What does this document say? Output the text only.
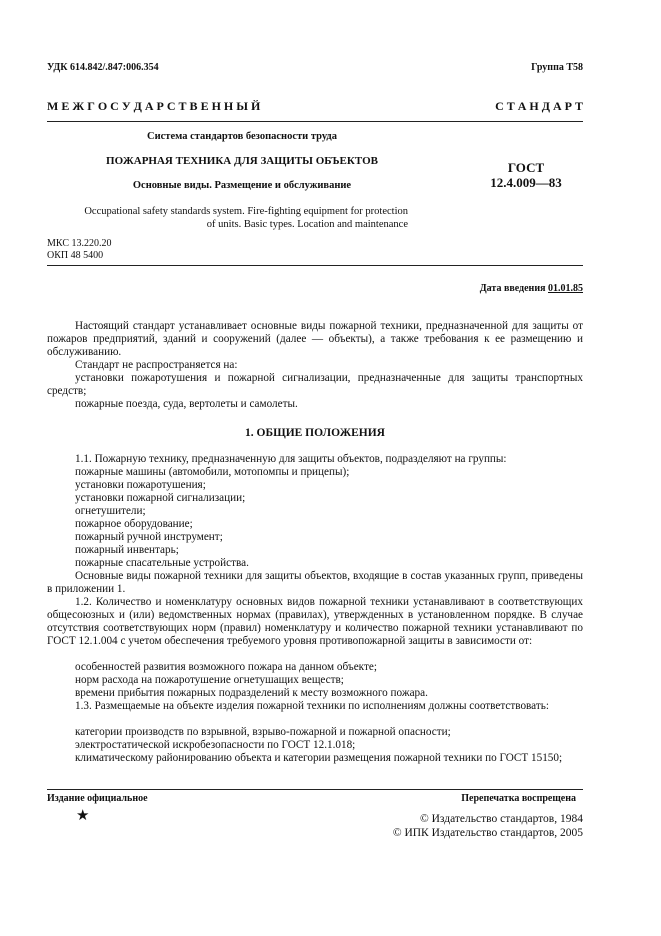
УДК 614.842/.847:006.354	Группа Т58
М Е Ж Г О С У Д А Р С Т В Е Н Н Ы Й	С Т А Н Д А Р Т
Система стандартов безопасности труда
ПОЖАРНАЯ ТЕХНИКА ДЛЯ ЗАЩИТЫ ОБЪЕКТОВ
Основные виды. Размещение и обслуживание
ГОСТ
12.4.009—83
Occupational safety standards system. Fire-fighting equipment for protection
of units. Basic types. Location and maintenance
МКС 13.220.20
ОКП 48 5400
Дата введения 01.01.85
Настоящий стандарт устанавливает основные виды пожарной техники, предназначенной для защиты от пожаров предприятий, зданий и сооружений (далее — объекты), а также требования к ее размещению и обслуживанию.
Стандарт не распространяется на:
установки пожаротушения и пожарной сигнализации, предназначенные для защиты транспортных средств;
пожарные поезда, суда, вертолеты и самолеты.
1. ОБЩИЕ ПОЛОЖЕНИЯ
1.1. Пожарную технику, предназначенную для защиты объектов, подразделяют на группы:
пожарные машины (автомобили, мотопомпы и прицепы);
установки пожаротушения;
установки пожарной сигнализации;
огнетушители;
пожарное оборудование;
пожарный ручной инструмент;
пожарный инвентарь;
пожарные спасательные устройства.
Основные виды пожарной техники для защиты объектов, входящие в состав указанных групп, приведены в приложении 1.
1.2. Количество и номенклатуру основных видов пожарной техники устанавливают в соответствующих общесоюзных и (или) ведомственных нормах (правилах), утвержденных в установленном порядке. В случае отсутствия соответствующих норм (правил) номенклатуру и количество пожарной техники устанавливают по ГОСТ 12.1.004 с учетом обеспечения требуемого уровня противопожарной защиты в зависимости от:
особенностей развития возможного пожара на данном объекте;
норм расхода на пожаротушение огнетушащих веществ;
времени прибытия пожарных подразделений к месту возможного пожара.
1.3. Размещаемые на объекте изделия пожарной техники по исполнениям должны соответствовать:
категории производств по взрывной, взрыво-пожарной и пожарной опасности;
электростатической искробезопасности по ГОСТ 12.1.018;
климатическому районированию объекта и категории размещения пожарной техники по ГОСТ 15150;
Издание официальное	Перепечатка воспрещена
★	© Издательство стандартов, 1984
© ИПК Издательство стандартов, 2005
